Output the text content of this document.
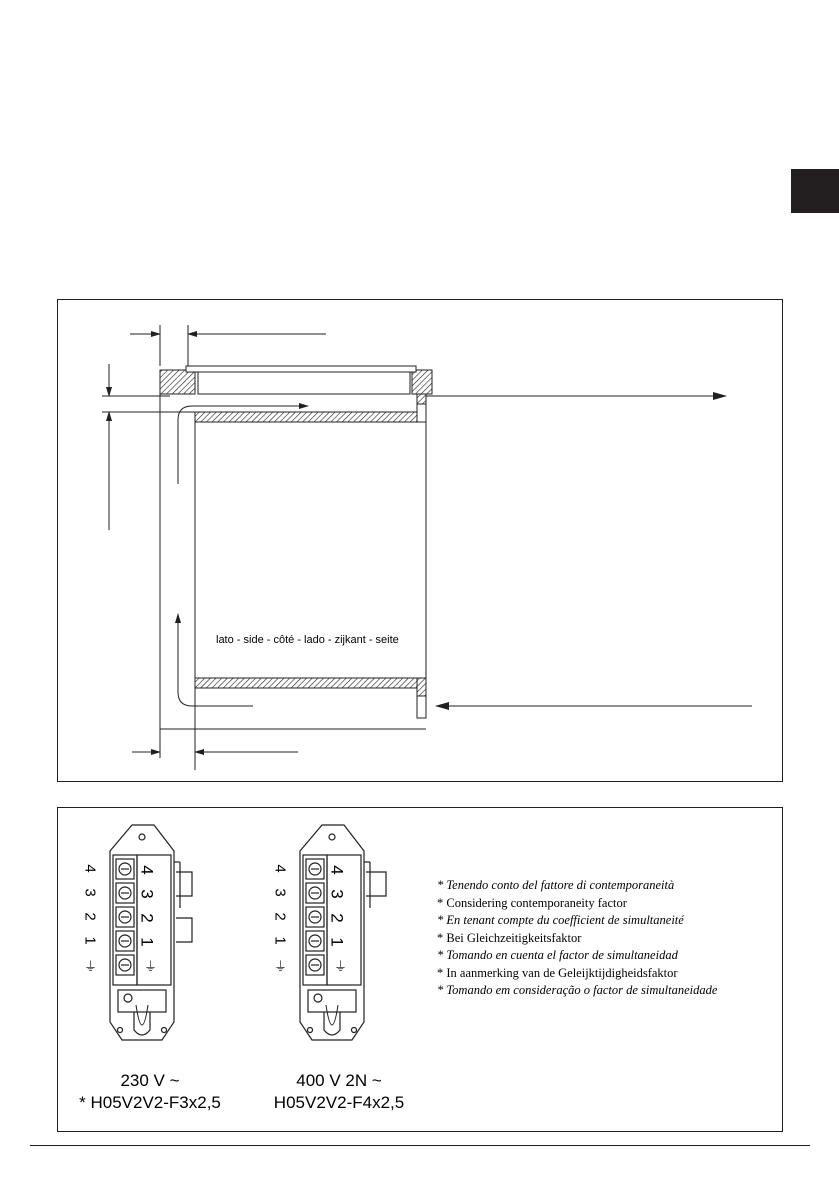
lato - side - côté - lado - zijkant - seite
4
3
2
1
⏚
4
3
2
1
⏚
4
3
2
1
⏚
4
3
2
1
⏚
230 V ~
* H05V2V2-F3x2,5
400 V 2N ~
H05V2V2-F4x2,5
* Tenendo conto del fattore di contemporaneità
* Considering contemporaneity factor
* En tenant compte du coefficient de simultaneité
* Bei Gleichzeitigkeitsfaktor
* Tomando en cuenta el factor de simultaneidad
* In aanmerking van de Geleijktijdigheidsfaktor
* Tomando em consideração o factor de simultaneidade
